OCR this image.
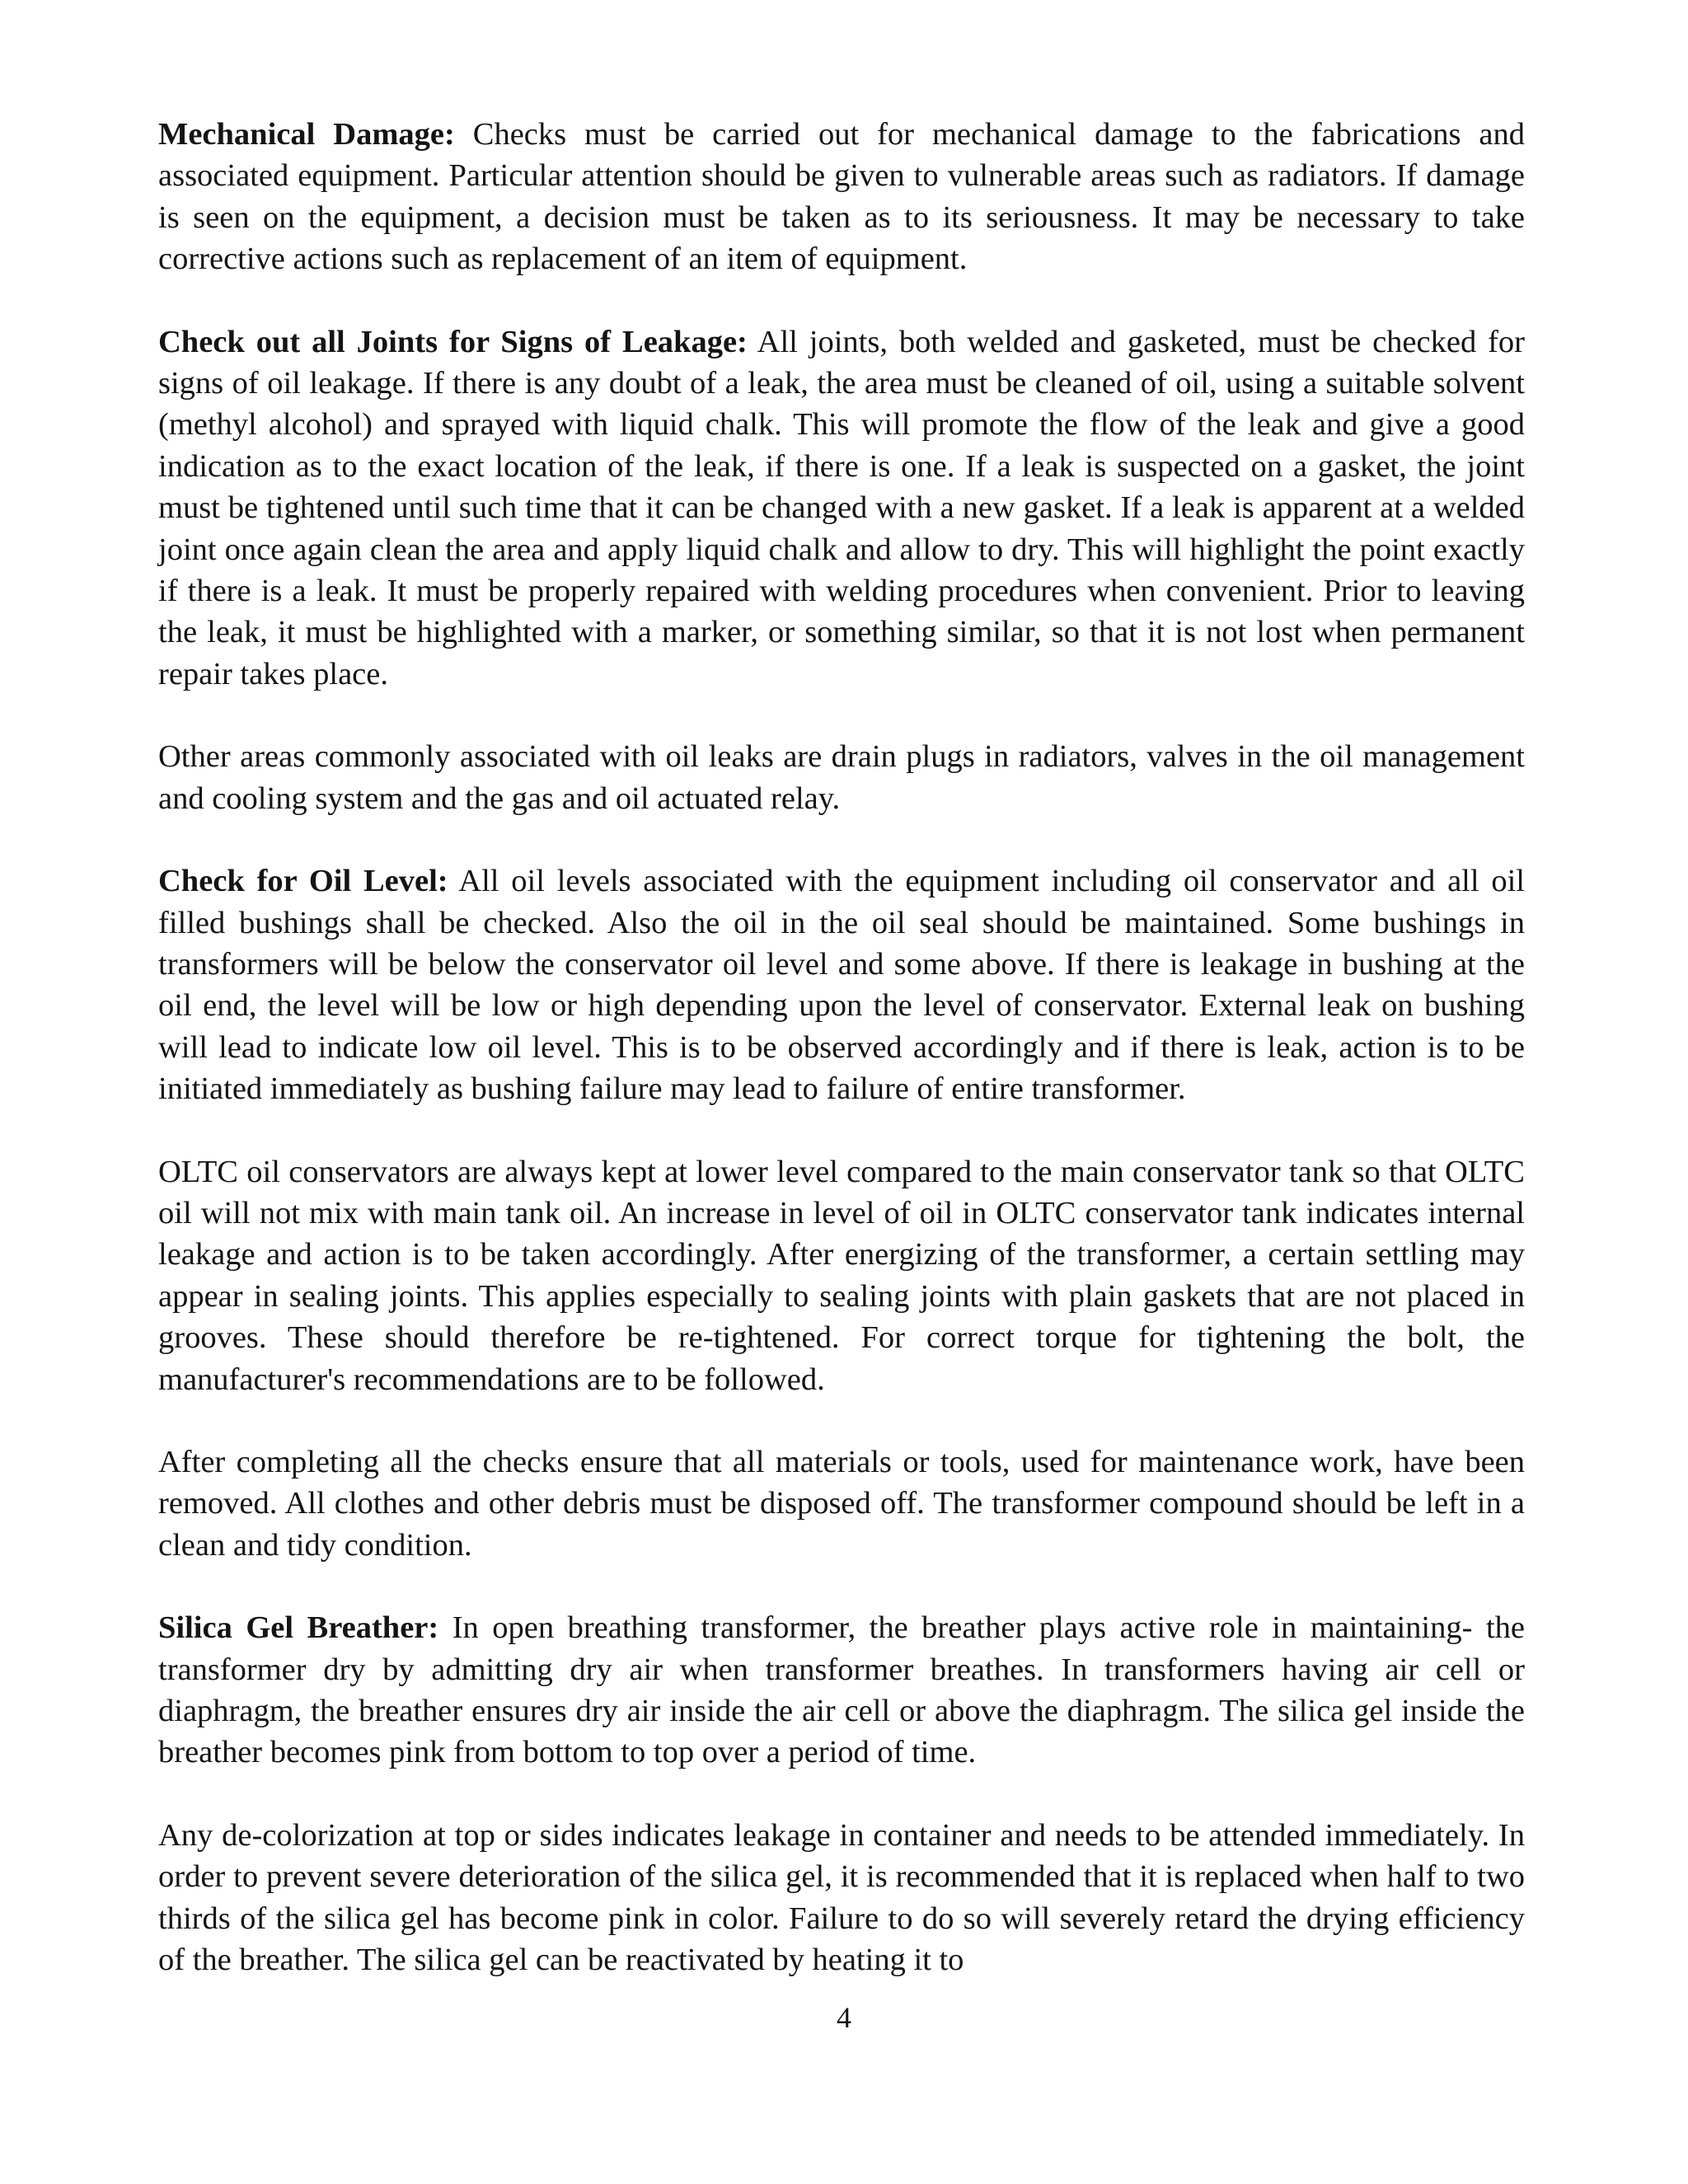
Mechanical Damage: Checks must be carried out for mechanical damage to the fabrications and associated equipment. Particular attention should be given to vulnerable areas such as radiators. If damage is seen on the equipment, a decision must be taken as to its seriousness. It may be necessary to take corrective actions such as replacement of an item of equipment.

Check out all Joints for Signs of Leakage: All joints, both welded and gasketed, must be checked for signs of oil leakage. If there is any doubt of a leak, the area must be cleaned of oil, using a suitable solvent (methyl alcohol) and sprayed with liquid chalk. This will promote the flow of the leak and give a good indication as to the exact location of the leak, if there is one. If a leak is suspected on a gasket, the joint must be tightened until such time that it can be changed with a new gasket. If a leak is apparent at a welded joint once again clean the area and apply liquid chalk and allow to dry. This will highlight the point exactly if there is a leak. It must be properly repaired with welding procedures when convenient. Prior to leaving the leak, it must be highlighted with a marker, or something similar, so that it is not lost when permanent repair takes place.

Other areas commonly associated with oil leaks are drain plugs in radiators, valves in the oil management and cooling system and the gas and oil actuated relay.

Check for Oil Level: All oil levels associated with the equipment including oil conservator and all oil filled bushings shall be checked. Also the oil in the oil seal should be maintained. Some bushings in transformers will be below the conservator oil level and some above. If there is leakage in bushing at the oil end, the level will be low or high depending upon the level of conservator. External leak on bushing will lead to indicate low oil level. This is to be observed accordingly and if there is leak, action is to be initiated immediately as bushing failure may lead to failure of entire transformer.

OLTC oil conservators are always kept at lower level compared to the main conservator tank so that OLTC oil will not mix with main tank oil. An increase in level of oil in OLTC conservator tank indicates internal leakage and action is to be taken accordingly. After energizing of the transformer, a certain settling may appear in sealing joints. This applies especially to sealing joints with plain gaskets that are not placed in grooves. These should therefore be re-tightened. For correct torque for tightening the bolt, the manufacturer's recommendations are to be followed.

After completing all the checks ensure that all materials or tools, used for maintenance work, have been removed. All clothes and other debris must be disposed off. The transformer compound should be left in a clean and tidy condition.

Silica Gel Breather: In open breathing transformer, the breather plays active role in maintaining- the transformer dry by admitting dry air when transformer breathes. In transformers having air cell or diaphragm, the breather ensures dry air inside the air cell or above the diaphragm. The silica gel inside the breather becomes pink from bottom to top over a period of time.

Any de-colorization at top or sides indicates leakage in container and needs to be attended immediately. In order to prevent severe deterioration of the silica gel, it is recommended that it is replaced when half to two thirds of the silica gel has become pink in color. Failure to do so will severely retard the drying efficiency of the breather. The silica gel can be reactivated by heating it to

4
